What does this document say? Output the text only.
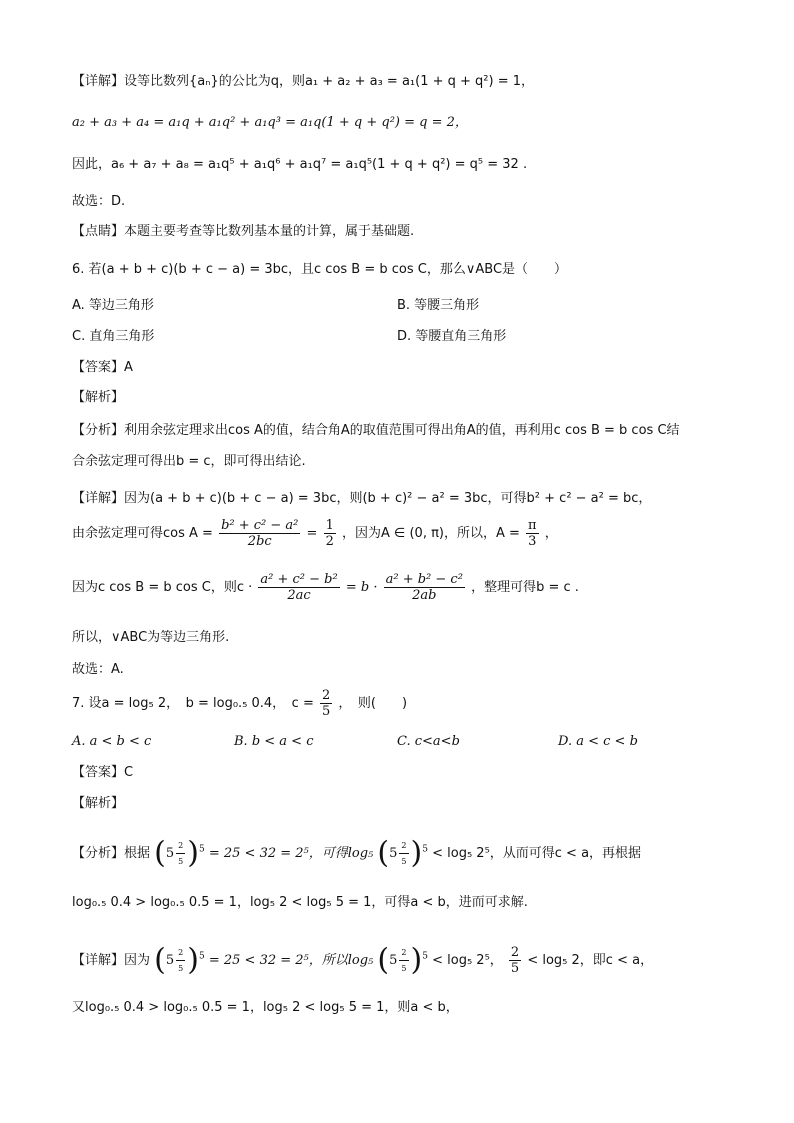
【详解】设等比数列{aₙ}的公比为q，则a₁ + a₂ + a₃ = a₁(1 + q + q²) = 1，
a₂ + a₃ + a₄ = a₁q + a₁q² + a₁q³ = a₁q(1 + q + q²) = q = 2，
因此，a₆ + a₇ + a₈ = a₁q⁵ + a₁q⁶ + a₁q⁷ = a₁q⁵(1 + q + q²) = q⁵ = 32 .
故选：D.
【点睛】本题主要考查等比数列基本量的计算，属于基础题.
6. 若(a + b + c)(b + c − a) = 3bc，且c cos B = b cos C，那么∨ABC是（　　）
A. 等边三角形	B. 等腰三角形
C. 直角三角形	D. 等腰直角三角形
【答案】A
【解析】
【分析】利用余弦定理求出cos A的值，结合角A的取值范围可得出角A的值，再利用c cos B = b cos C结
合余弦定理可得出b = c，即可得出结论.
【详解】因为(a + b + c)(b + c − a) = 3bc，则(b + c)² − a² = 3bc，可得b² + c² − a² = bc，
由余弦定理可得$\cos A = \frac{\text{b² + c² − a²}}{2bc} = \frac{1}{2}$ ，因为A ∈ (0, π)，所以，$A = \frac{\pi}{3}$ ，
因为c cos B = b cos C，则$c \cdot \frac{\text{a² + c² − b²}}{2ac} = b \cdot \frac{\text{a² + b² − c²}}{2ab}$ ，整理可得b = c .
所以，∨ABC为等边三角形.
故选：A.
7. 设a = log₅ 2，　b = log₀.₅ 0.4，　$c = \frac{2}{5}$ ，　则(　　)
A. a < b < c	B. b < a < c	C. c<a<b	D. a < c < b
【答案】C
【解析】
【分析】根据 $(5 \frac{2}{5} )^5 = 25 < 32 = 2^5$，可得log₅ $(5 \frac{2}{5} )^5 < \log_5$ 2⁵，从而可得c < a，再根据
log₀.₅ 0.4 > log₀.₅ 0.5 = 1，log₅ 2 < log₅ 5 = 1，可得a < b，进而可求解.
【详解】因为 $(5 \frac{2}{5} )^5 = 25 < 32 = 2^5$，所以log₅ $(5 \frac{2}{5} )^5 < \log_5$ 2⁵， $\frac{2}{5} < \log_5$ 2，即c < a，
又log₀.₅ 0.4 > log₀.₅ 0.5 = 1，log₅ 2 < log₅ 5 = 1，则a < b，
